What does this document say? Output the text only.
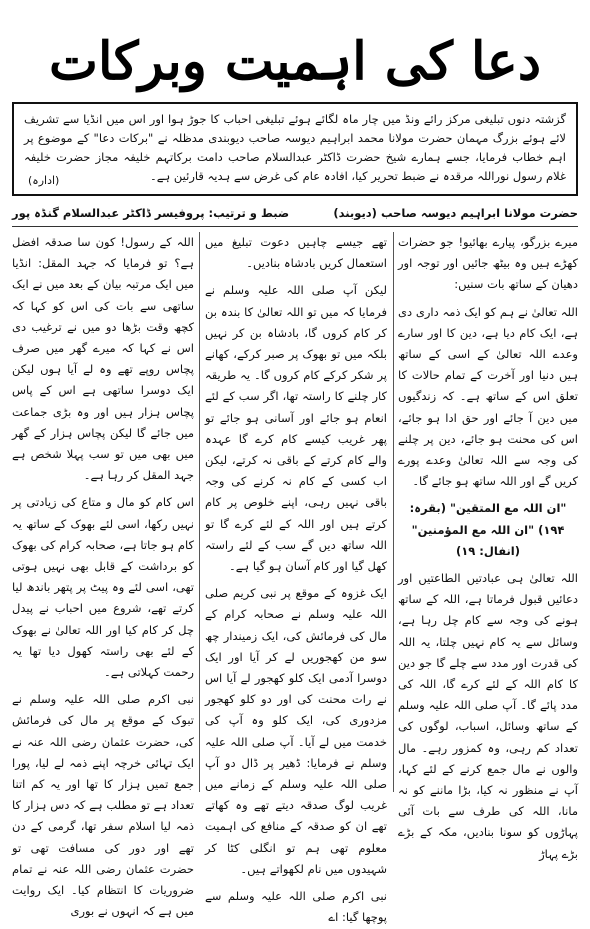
دعا کی اہمیت وبرکات
گزشتہ دنوں تبلیغی مرکز رائے ونڈ میں چار ماہ لگائے ہوئے تبلیغی احباب کا جوڑ ہوا اور اس میں انڈیا سے تشریف لائے ہوئے بزرگ مہمان حضرت مولانا محمد ابراہیم دیوسہ صاحب دیوبندی مدظلہ نے "برکات دعا" کے موضوع پر اہم خطاب فرمایا، جسے ہمارے شیخ حضرت ڈاکٹر عبدالسلام صاحب دامت برکاتہم خلیفہ مجاز حضرت خلیفہ غلام رسول نوراللہ مرقدہ نے ضبط تحریر کیا، افادہ عام کی غرض سے ہدیہ قارئین ہے۔
(ادارہ)
حضرت مولانا ابراہیم دیوسہ صاحب (دیوبند)
ضبط و ترتیب: پروفیسر ڈاکٹر عبدالسلام گنڈہ پور

میرے بزرگو، پیارے بھائیو! جو حضرات کھڑے ہیں وہ بیٹھ جائیں اور توجہ اور دھیان کے ساتھ بات سنیں:

اللہ تعالیٰ نے ہم کو ایک ذمہ داری دی ہے، ایک کام دیا ہے، دین کا اور سارے وعدے اللہ تعالیٰ کے اسی کے ساتھ ہیں دنیا اور آخرت کے تمام حالات کا تعلق اس کے ساتھ ہے۔ کہ زندگیوں میں دین آ جائے اور حق ادا ہو جائے، اس کی محنت ہو جائے، دین پر چلنے کی وجہ سے اللہ تعالیٰ وعدے پورے کریں گے اور اللہ ساتھ ہو جائے گا۔

"ان اللہ مع المتقین" (بقرہ: ۱۹۴) "ان اللہ مع المؤمنین" (انفال: ۱۹)

اللہ تعالیٰ ہی عبادتیں الطاعتیں اور دعائیں قبول فرماتا ہے، اللہ کے ساتھ ہونے کی وجہ سے کام چل رہا ہے، وسائل سے یہ کام نہیں چلتا، یہ اللہ کی قدرت اور مدد سے چلے گا جو دین کا کام اللہ کے لئے کرے گا، اللہ کی مدد پائے گا۔ آپ صلی اللہ علیہ وسلم کے ساتھ وسائل، اسباب، لوگوں کی تعداد کم رہی، وہ کمزور رہے۔ مال والوں نے مال جمع کرنے کے لئے کہا، آپ نے منظور نہ کیا، بڑا ماننے کو نہ مانا، اللہ کی طرف سے بات آئی پہاڑوں کو سونا بنادیں، مکہ کے بڑے بڑے پہاڑ

تھے جیسے چاہیں دعوت تبلیغ میں استعمال کریں بادشاہ بنادیں۔

لیکن آپ صلی اللہ علیہ وسلم نے فرمایا کہ میں تو اللہ تعالیٰ کا بندہ بن کر کام کروں گا، بادشاہ بن کر نہیں بلکہ میں تو بھوک پر صبر کرکے، کھانے پر شکر کرکے کام کروں گا۔ یہ طریقہ کار چلنے کا راستہ تھا، اگر سب کے لئے انعام ہو جائے اور آسانی ہو جائے تو پھر غریب کیسے کام کرے گا عہدہ والے کام کرتے کے باقی نہ کرتے، لیکن اب کسی کے کام نہ کرنے کی وجہ باقی نہیں رہی، اپنے خلوص پر کام کرتے ہیں اور اللہ کے لئے کرے گا تو اللہ ساتھ دیں گے سب کے لئے راستہ کھل گیا اور کام آسان ہو گیا ہے۔

ایک غزوہ کے موقع پر نبی کریم صلی اللہ علیہ وسلم نے صحابہ کرام کے مال کی فرمائش کی، ایک زمیندار چھ سو من کھجوریں لے کر آیا اور ایک دوسرا آدمی ایک کلو کھجور لے آیا اس نے رات محنت کی اور دو کلو کھجور مزدوری کی، ایک کلو وہ آپ کی خدمت میں لے آیا۔ آپ صلی اللہ علیہ وسلم نے فرمایا: ڈھیر پر ڈال دو آپ صلی اللہ علیہ وسلم کے زمانے میں غریب لوگ صدقہ دیتے تھے وہ کھاتے تھے ان کو صدقہ کے منافع کی اہمیت معلوم تھی ہم تو انگلی کٹا کر شہیدوں میں نام لکھواتے ہیں۔

نبی اکرم صلی اللہ علیہ وسلم سے پوچھا گیا: اے

اللہ کے رسول! کون سا صدقہ افضل ہے؟ تو فرمایا کہ جہد المقل: انڈیا میں ایک مرتبہ بیان کے بعد میں نے ایک ساتھی سے بات کی اس کو کہا کہ کچھ وقت بڑھا دو میں نے ترغیب دی اس نے کہا کہ میرے گھر میں صرف پچاس روپے تھے وہ لے آیا ہوں لیکن ایک دوسرا ساتھی ہے اس کے پاس پچاس ہزار ہیں اور وہ بڑی جماعت میں جائے گا لیکن پچاس ہزار کے گھر میں بھی میں تو سب پہلا شخص ہے جہد المقل کر رہا ہے۔

اس کام کو مال و متاع کی زیادتی پر نہیں رکھا، اسی لئے بھوک کے ساتھ یہ کام ہو جاتا ہے، صحابہ کرام کی بھوک کو برداشت کے قابل بھی نہیں ہوتی تھی، اسی لئے وہ پیٹ پر پتھر باندھ لیا کرتے تھے، شروع میں احباب نے پیدل چل کر کام کیا اور اللہ تعالیٰ نے بھوک کے لئے بھی راستہ کھول دیا تھا یہ رحمت کہلاتی ہے۔

نبی اکرم صلی اللہ علیہ وسلم نے تبوک کے موقع پر مال کی فرمائش کی، حضرت عثمان رضی اللہ عنہ نے ایک تہائی خرچہ اپنے ذمہ لے لیا، پورا جمع تمیں ہزار کا تھا اور یہ کم اتنا تعداد ہے تو مطلب ہے کہ دس ہزار کا ذمہ لیا اسلام سفر تھا، گرمی کے دن تھے اور دور کی مسافت تھی تو حضرت عثمان رضی اللہ عنہ نے تمام ضروریات کا انتظام کیا۔ ایک روایت میں ہے کہ انہوں نے بوری
